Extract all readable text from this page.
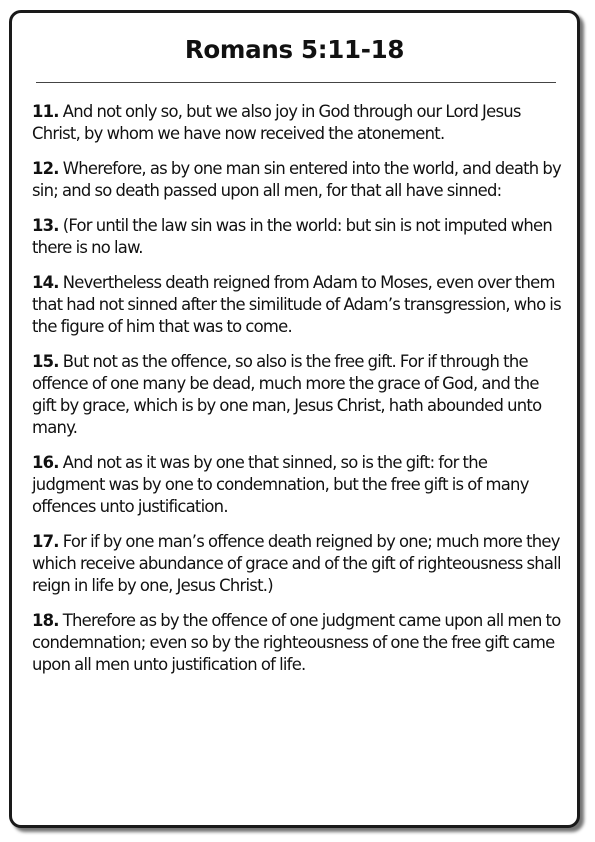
Romans 5:11-18

11. And not only so, but we also joy in God through our Lord Jesus Christ, by whom we have now received the atonement.

12. Wherefore, as by one man sin entered into the world, and death by sin; and so death passed upon all men, for that all have sinned:

13. (For until the law sin was in the world: but sin is not imputed when there is no law.

14. Nevertheless death reigned from Adam to Moses, even over them that had not sinned after the similitude of Adam’s transgression, who is the figure of him that was to come.

15. But not as the offence, so also is the free gift. For if through the offence of one many be dead, much more the grace of God, and the gift by grace, which is by one man, Jesus Christ, hath abounded unto many.

16. And not as it was by one that sinned, so is the gift: for the judgment was by one to condemnation, but the free gift is of many offences unto justification.

17. For if by one man’s offence death reigned by one; much more they which receive abundance of grace and of the gift of righteousness shall reign in life by one, Jesus Christ.)

18. Therefore as by the offence of one judgment came upon all men to condemnation; even so by the righteousness of one the free gift came upon all men unto justification of life.
